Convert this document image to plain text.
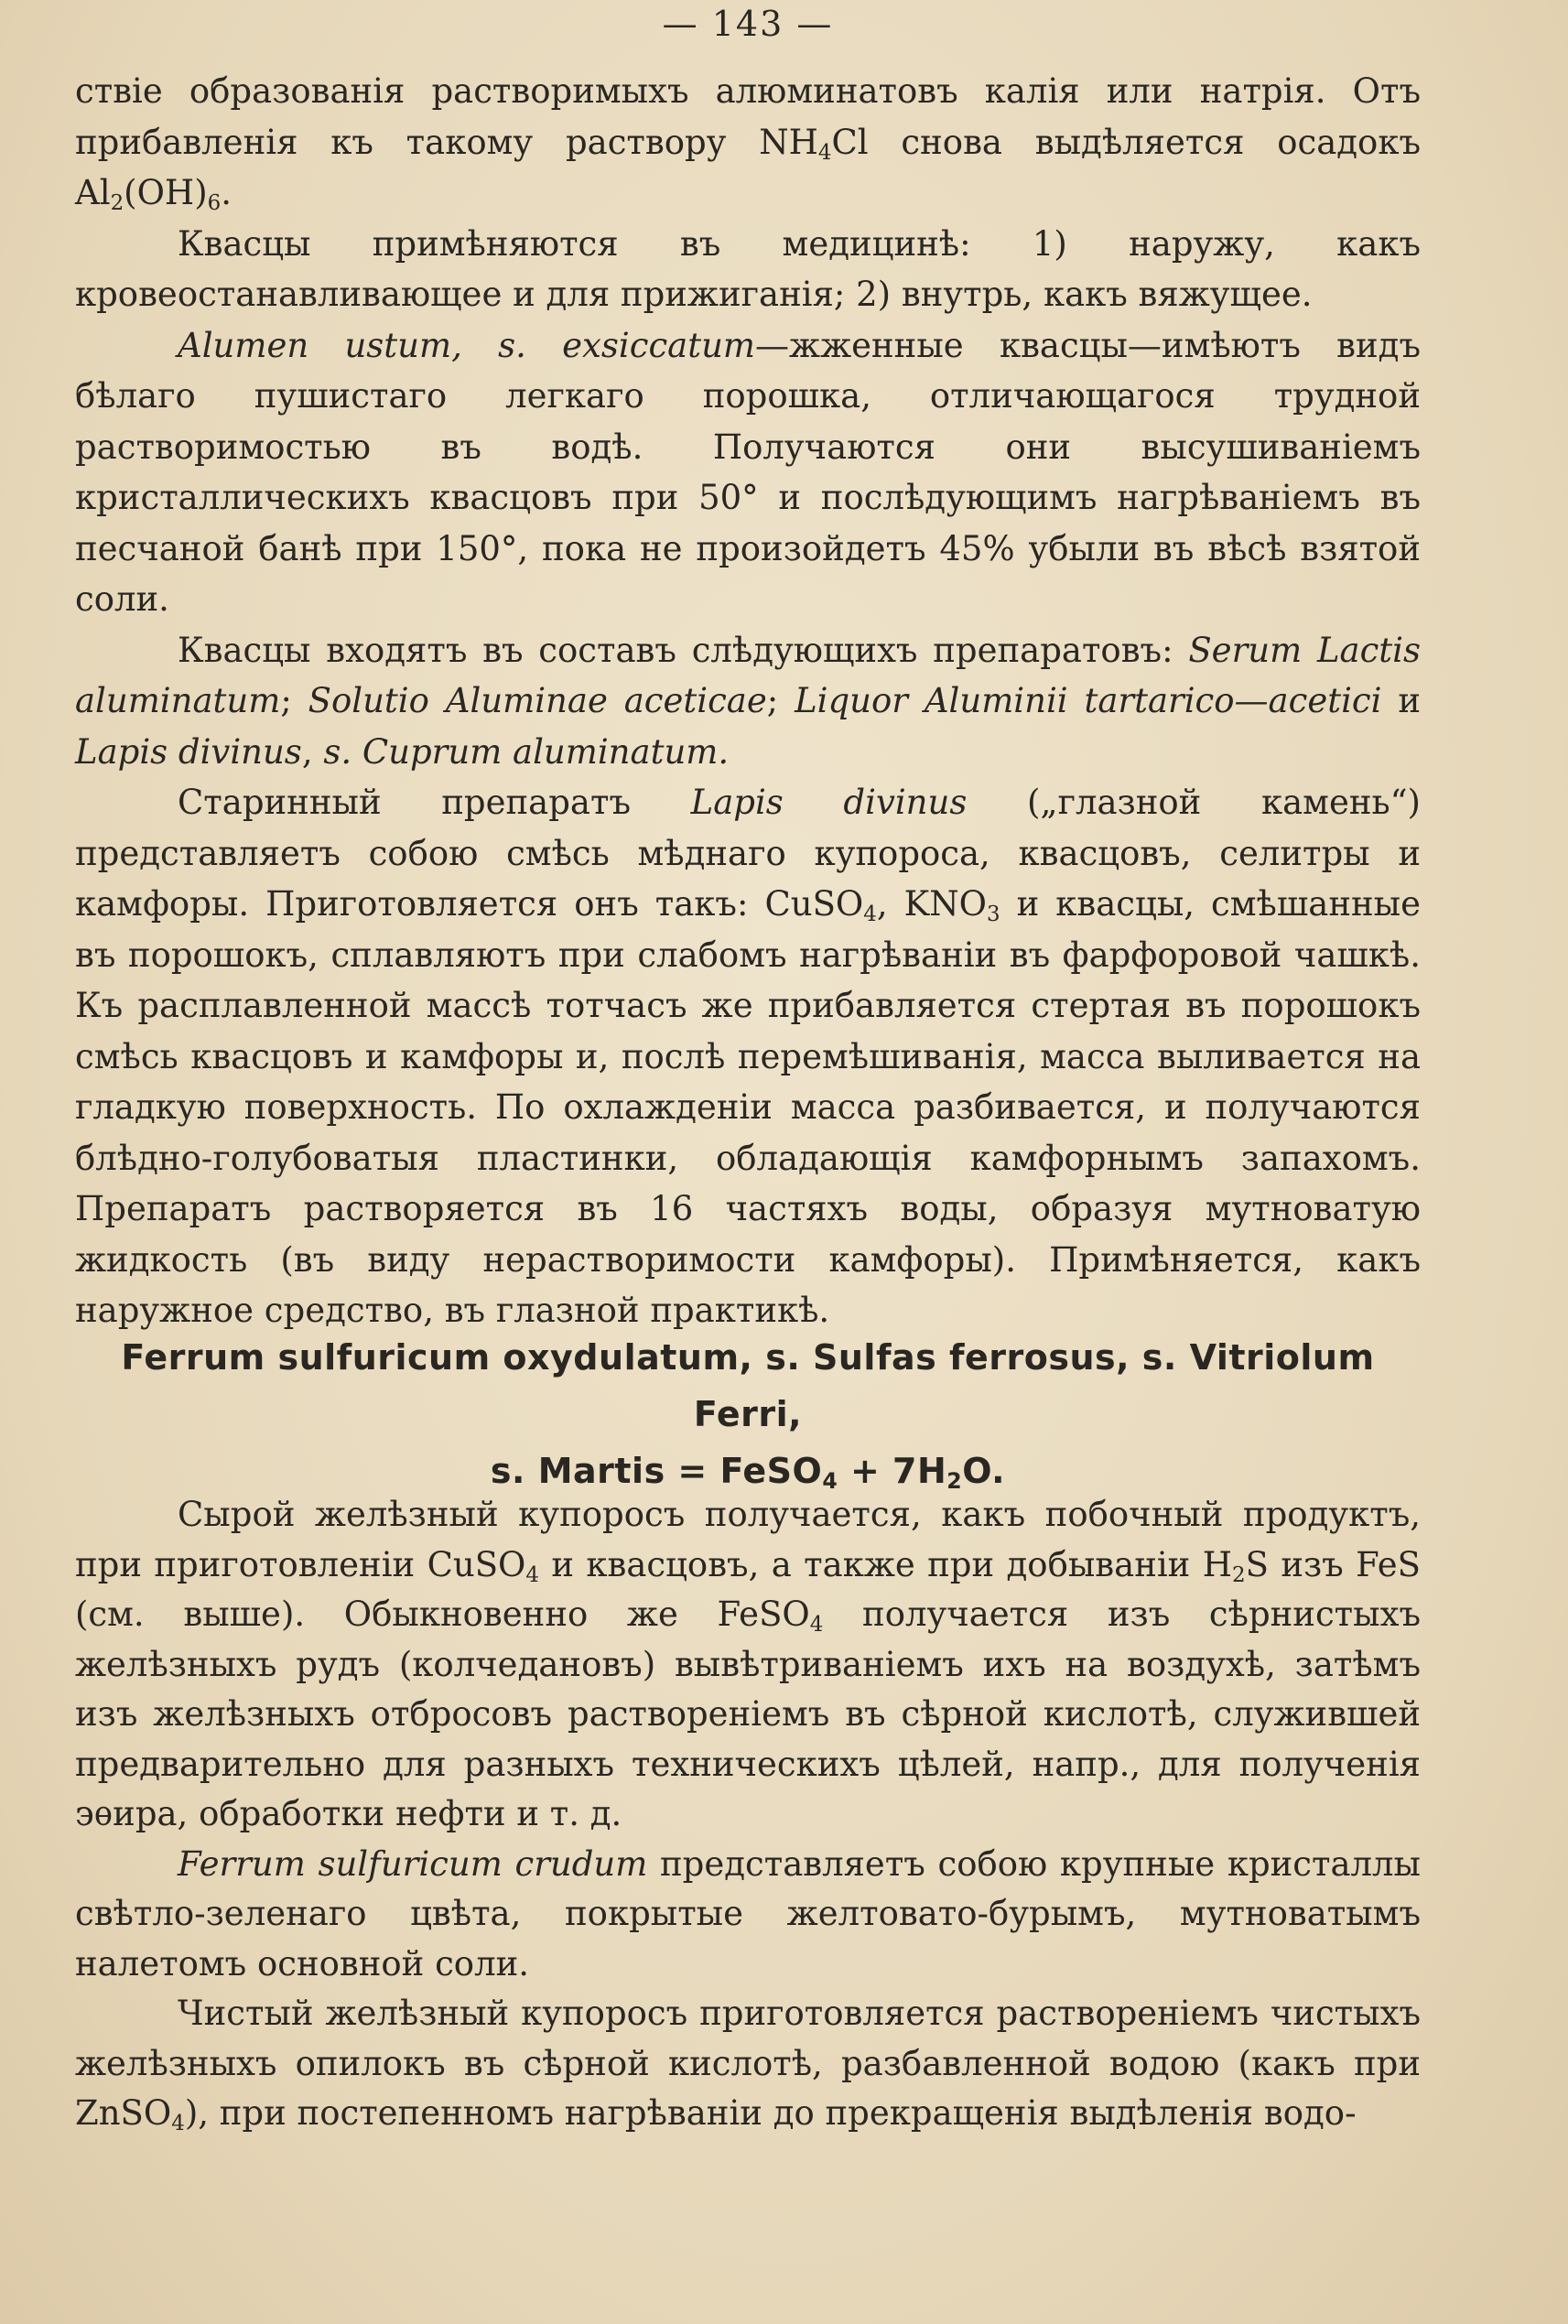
— 143 —

ствіе образованія растворимыхъ алюминатовъ калія или натрія. Отъ прибавленія къ такому раствору $NH_4Cl$ снова выдѣляется осадокъ $Al_2(OH)_6$.

Квасцы примѣняются въ медицинѣ: 1) наружу, какъ кровеостанавливающее и для прижиганія; 2) внутрь, какъ вяжущее.

Alumen ustum, s. exsiccatum—жженные квасцы—имѣютъ видъ бѣлаго пушистаго легкаго порошка, отличающагося трудной растворимостью въ водѣ. Получаются они высушиваніемъ кристаллическихъ квасцовъ при 50° и послѣдующимъ нагрѣваніемъ въ песчаной банѣ при 150°, пока не произойдетъ 45% убыли въ вѣсѣ взятой соли.

Квасцы входятъ въ составъ слѣдующихъ препаратовъ: Serum Lactis aluminatum; Solutio Aluminae aceticae; Liquor Aluminii tartarico—acetici и Lapis divinus, s. Cuprum aluminatum.

Старинный препаратъ Lapis divinus („глазной камень“) представляетъ собою смѣсь мѣднаго купороса, квасцовъ, селитры и камфоры. Приготовляется онъ такъ: CuSO$_4$, $KNO_3$ и квасцы, смѣшанные въ порошокъ, сплавляютъ при слабомъ нагрѣваніи въ фарфоровой чашкѣ. Къ расплавленной массѣ тотчасъ же прибавляется стертая въ порошокъ смѣсь квасцовъ и камфоры и, послѣ перемѣшиванія, масса выливается на гладкую поверхность. По охлажденіи масса разбивается, и получаются блѣдно-голубоватыя пластинки, обладающія камфорнымъ запахомъ. Препаратъ растворяется въ 16 частяхъ воды, образуя мутноватую жидкость (въ виду нерастворимости камфоры). Примѣняется, какъ наружное средство, въ глазной практикѣ.

Ferrum sulfuricum oxydulatum, s. Sulfas ferrosus, s. Vitriolum Ferri,
s. Martis = FeSO$_4$ + $7H_2O$.

Сырой желѣзный купоросъ получается, какъ побочный продуктъ, при приготовленіи CuSO$_4$ и квасцовъ, а также при добываніи $H_2S$ изъ FeS (см. выше). Обыкновенно же FeSO$_4$ получается изъ сѣрнистыхъ желѣзныхъ рудъ (колчедановъ) вывѣтриваніемъ ихъ на воздухѣ, затѣмъ изъ желѣзныхъ отбросовъ раствореніемъ въ сѣрной кислотѣ, служившей предварительно для разныхъ техническихъ цѣлей, напр., для полученія эѳира, обработки нефти и т. д.

Ferrum sulfuricum crudum представляетъ собою крупные кристаллы свѣтло-зеленаго цвѣта, покрытые желтовато-бурымъ, мутноватымъ налетомъ основной соли.

Чистый желѣзный купоросъ приготовляется раствореніемъ чистыхъ желѣзныхъ опилокъ въ сѣрной кислотѣ, разбавленной водою (какъ при ZnSO$_4$), при постепенномъ нагрѣваніи до прекращенія выдѣленія водо-
